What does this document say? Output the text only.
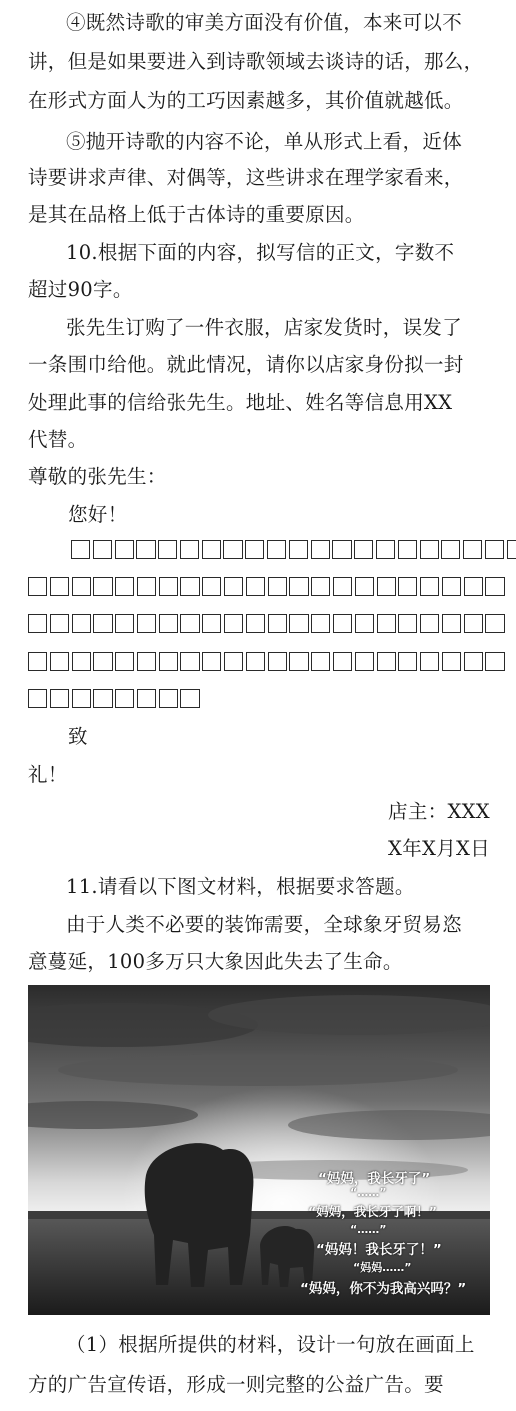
④既然诗歌的审美方面没有价值，本来可以不
讲，但是如果要进入到诗歌领域去谈诗的话，那么，
在形式方面人为的工巧因素越多，其价值就越低。
⑤抛开诗歌的内容不论，单从形式上看，近体
诗要讲求声律、对偶等，这些讲求在理学家看来，
是其在品格上低于古体诗的重要原因。
10.根据下面的内容，拟写信的正文，字数不
超过90字。
张先生订购了一件衣服，店家发货时，误发了
一条围巾给他。就此情况，请你以店家身份拟一封
处理此事的信给张先生。地址、姓名等信息用XX
代替。
尊敬的张先生：
您好！
致
礼！
店主：XXX
X年X月X日
11.请看以下图文材料，根据要求答题。
由于人类不必要的装饰需要，全球象牙贸易恣
意蔓延，100多万只大象因此失去了生命。
“妈妈，我长牙了”
“……”
“妈妈，我长牙了啊！”
“……”
“妈妈！我长牙了！”
“妈妈……”
“妈妈，你不为我高兴吗？”
（1）根据所提供的材料，设计一句放在画面上
方的广告宣传语，形成一则完整的公益广告。要
